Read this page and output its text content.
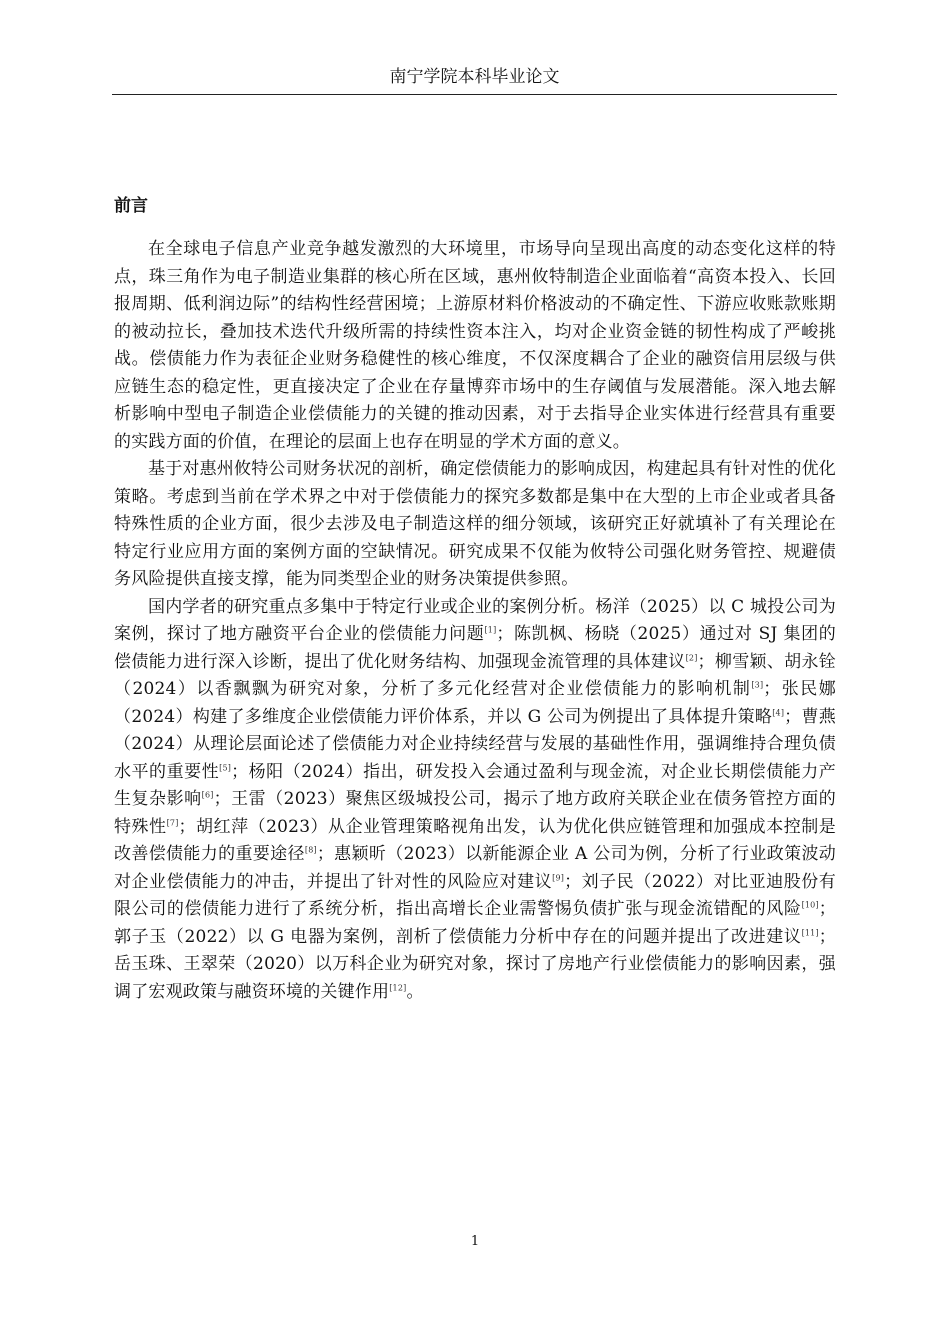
南宁学院本科毕业论文
前言

在全球电子信息产业竞争越发激烈的大环境里，市场导向呈现出高度的动态变化这样的特点，珠三角作为电子制造业集群的核心所在区域，惠州攸特制造企业面临着“高资本投入、长回报周期、低利润边际”的结构性经营困境；上游原材料价格波动的不确定性、下游应收账款账期的被动拉长，叠加技术迭代升级所需的持续性资本注入，均对企业资金链的韧性构成了严峻挑战。偿债能力作为表征企业财务稳健性的核心维度，不仅深度耦合了企业的融资信用层级与供应链生态的稳定性，更直接决定了企业在存量博弈市场中的生存阈值与发展潜能。深入地去解析影响中型电子制造企业偿债能力的关键的推动因素，对于去指导企业实体进行经营具有重要的实践方面的价值，在理论的层面上也存在明显的学术方面的意义。

基于对惠州攸特公司财务状况的剖析，确定偿债能力的影响成因，构建起具有针对性的优化策略。考虑到当前在学术界之中对于偿债能力的探究多数都是集中在大型的上市企业或者具备特殊性质的企业方面，很少去涉及电子制造这样的细分领域，该研究正好就填补了有关理论在特定行业应用方面的案例方面的空缺情况。研究成果不仅能为攸特公司强化财务管控、规避债务风险提供直接支撑，能为同类型企业的财务决策提供参照。

国内学者的研究重点多集中于特定行业或企业的案例分析。杨洋（2025）以 C 城投公司为案例，探讨了地方融资平台企业的偿债能力问题[1]；陈凯枫、杨晓（2025）通过对 SJ 集团的偿债能力进行深入诊断，提出了优化财务结构、加强现金流管理的具体建议[2]；柳雪颖、胡永铨（2024）以香飘飘为研究对象，分析了多元化经营对企业偿债能力的影响机制[3]；张民娜（2024）构建了多维度企业偿债能力评价体系，并以 G 公司为例提出了具体提升策略[4]；曹燕（2024）从理论层面论述了偿债能力对企业持续经营与发展的基础性作用，强调维持合理负债水平的重要性[5]；杨阳（2024）指出，研发投入会通过盈利与现金流，对企业长期偿债能力产生复杂影响[6]；王雷（2023）聚焦区级城投公司，揭示了地方政府关联企业在债务管控方面的特殊性[7]；胡红萍（2023）从企业管理策略视角出发，认为优化供应链管理和加强成本控制是改善偿债能力的重要途径[8]；惠颖昕（2023）以新能源企业 A 公司为例，分析了行业政策波动对企业偿债能力的冲击，并提出了针对性的风险应对建议[9]；刘子民（2022）对比亚迪股份有限公司的偿债能力进行了系统分析，指出高增长企业需警惕负债扩张与现金流错配的风险[10]；郭子玉（2022）以 G 电器为案例，剖析了偿债能力分析中存在的问题并提出了改进建议[11]；岳玉珠、王翠荣（2020）以万科企业为研究对象，探讨了房地产行业偿债能力的影响因素，强调了宏观政策与融资环境的关键作用[12]。

1
